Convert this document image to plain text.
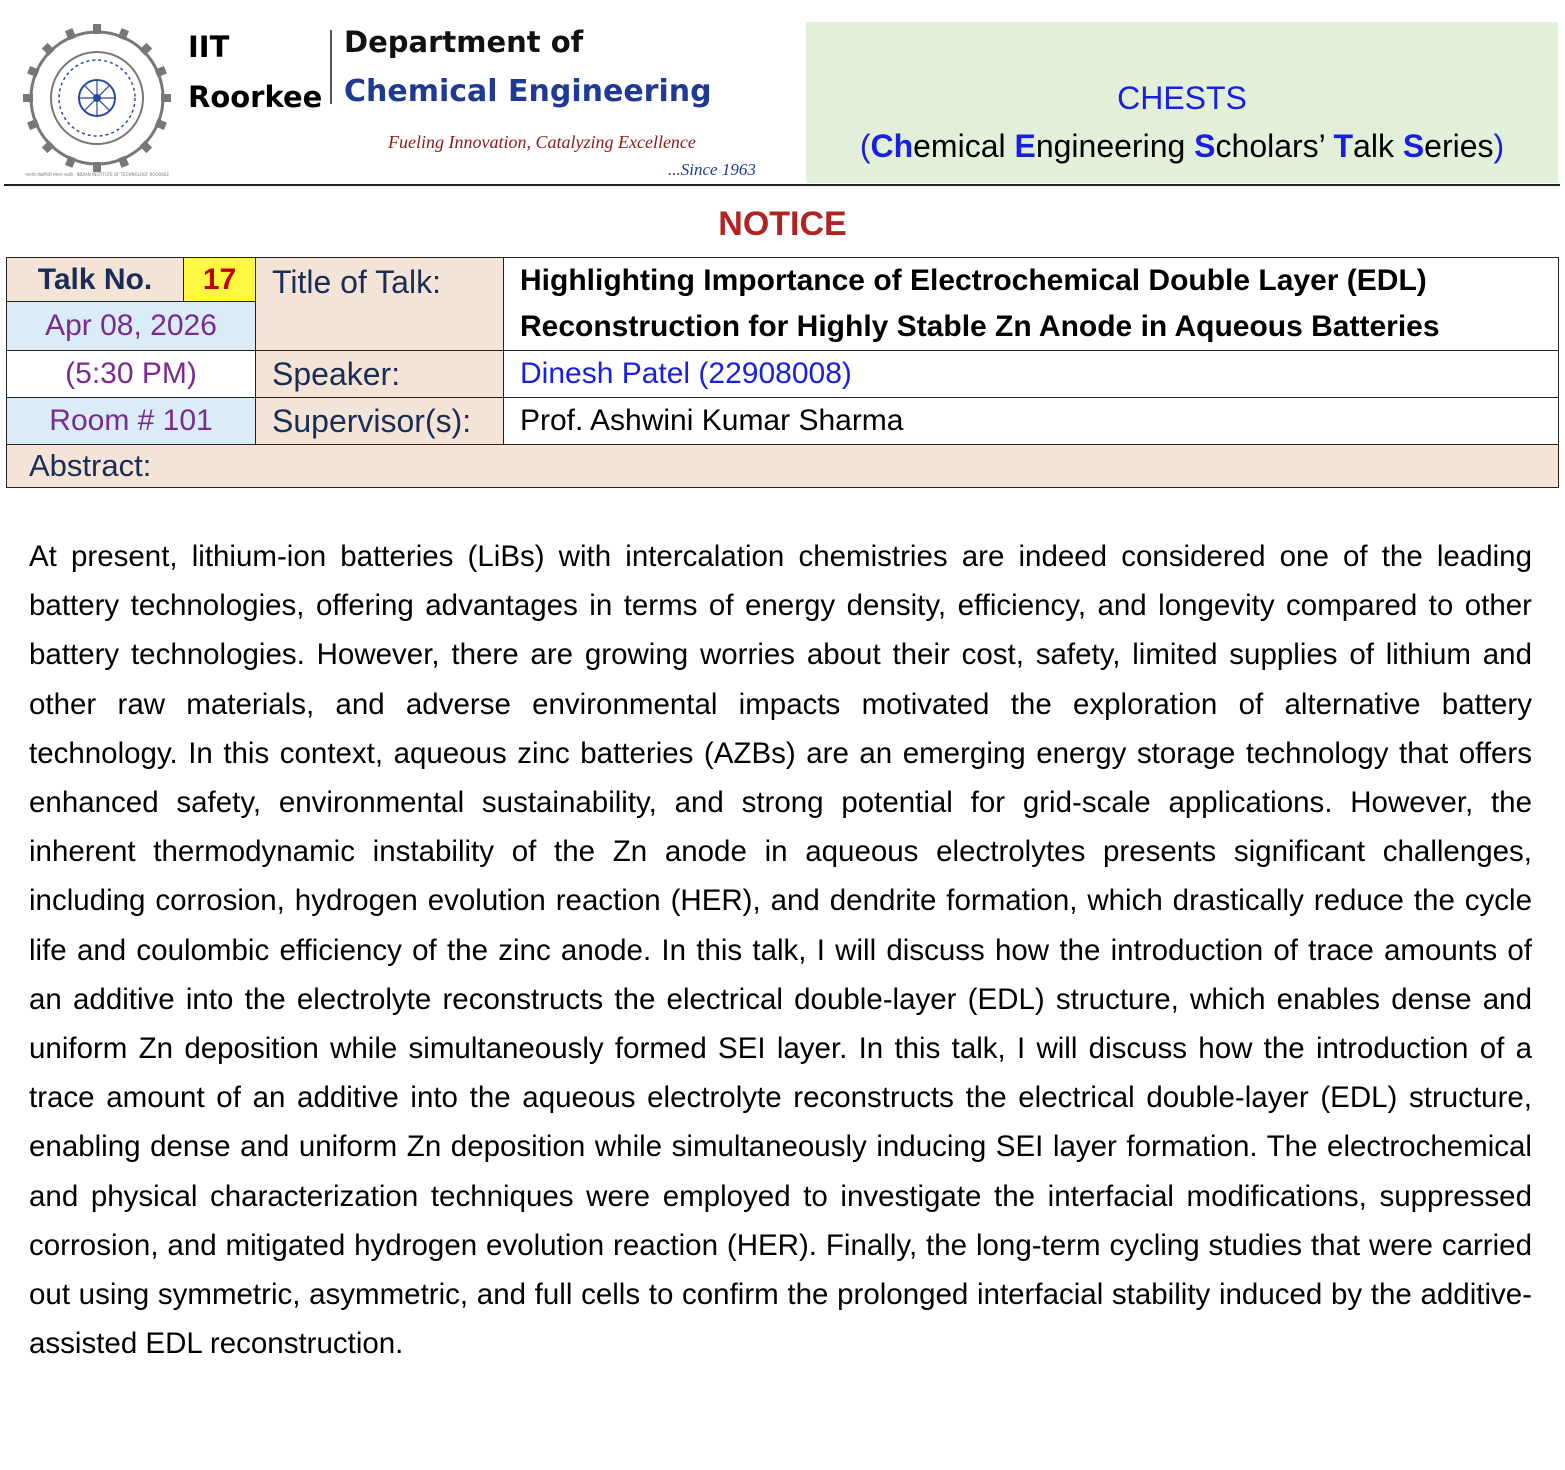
भारतीय प्रौद्योगिकी संस्थान रुड़की · INDIAN INSTITUTE OF TECHNOLOGY ROORKEE
IIT
Roorkee
Department of
Chemical Engineering
Fueling Innovation, Catalyzing Excellence
...Since 1963
CHESTS
(Chemical Engineering Scholars’ Talk Series)
NOTICE
Talk No.	17	Title of Talk:	Highlighting Importance of Electrochemical Double Layer (EDL) Reconstruction for Highly Stable Zn Anode in Aqueous Batteries
Apr 08, 2026			
(5:30 PM)		Speaker:	Dinesh Patel (22908008)
Room # 101		Supervisor(s):	Prof. Ashwini Kumar Sharma
Abstract:			
At present, lithium-ion batteries (LiBs) with intercalation chemistries are indeed considered one of the leading battery technologies, offering advantages in terms of energy density, efficiency, and longevity compared to other battery technologies. However, there are growing worries about their cost, safety, limited supplies of lithium and other raw materials, and adverse environmental impacts motivated the exploration of alternative battery technology. In this context, aqueous zinc batteries (AZBs) are an emerging energy storage technology that offers enhanced safety, environmental sustainability, and strong potential for grid-scale applications. However, the inherent thermodynamic instability of the Zn anode in aqueous electrolytes presents significant challenges, including corrosion, hydrogen evolution reaction (HER), and dendrite formation, which drastically reduce the cycle life and coulombic efficiency of the zinc anode. In this talk, I will discuss how the introduction of trace amounts of an additive into the electrolyte reconstructs the electrical double-layer (EDL) structure, which enables dense and uniform Zn deposition while simultaneously formed SEI layer. In this talk, I will discuss how the introduction of a trace amount of an additive into the aqueous electrolyte reconstructs the electrical double-layer (EDL) structure, enabling dense and uniform Zn deposition while simultaneously inducing SEI layer formation. The electrochemical and physical characterization techniques were employed to investigate the interfacial modifications, suppressed corrosion, and mitigated hydrogen evolution reaction (HER). Finally, the long-term cycling studies that were carried out using symmetric, asymmetric, and full cells to confirm the prolonged interfacial stability induced by the additive-assisted EDL reconstruction.
